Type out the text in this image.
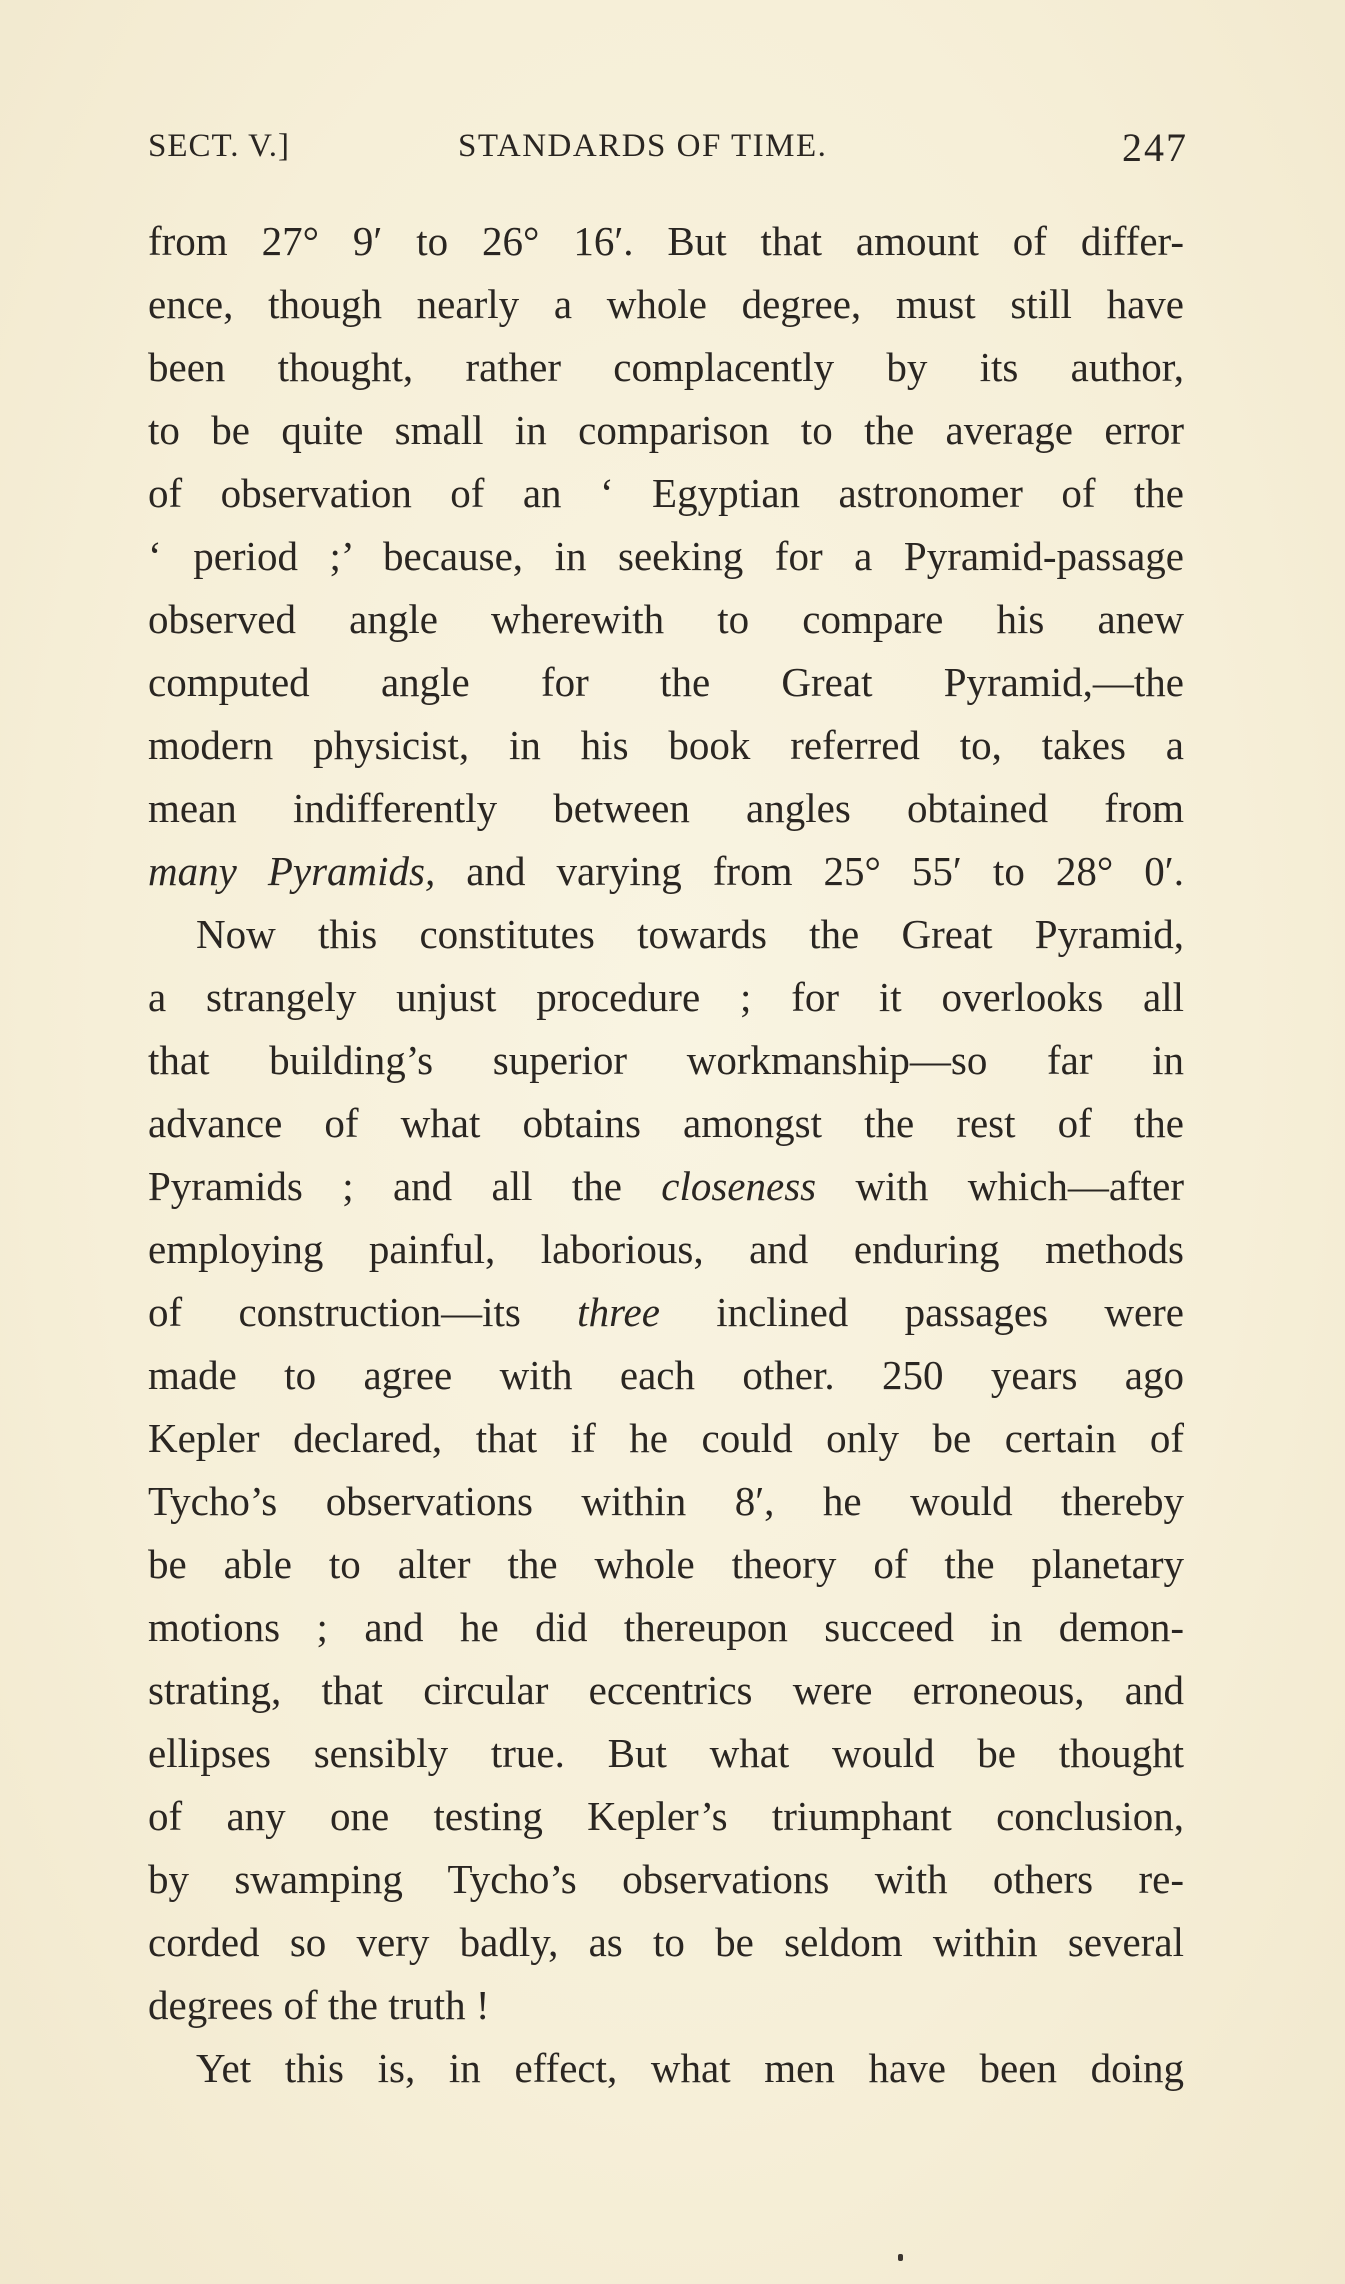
SECT. V.]	STANDARDS OF TIME.	247
from 27° 9′ to 26° 16′. But that amount of differ-
ence, though nearly a whole degree, must still have
been thought, rather complacently by its author,
to be quite small in comparison to the average error
of observation of an ‘ Egyptian astronomer of the
‘ period ;’ because, in seeking for a Pyramid-passage
observed angle wherewith to compare his anew
computed angle for the Great Pyramid,—the
modern physicist, in his book referred to, takes a
mean indifferently between angles obtained from
many Pyramids, and varying from 25° 55′ to 28° 0′.
Now this constitutes towards the Great Pyramid,
a strangely unjust procedure ; for it overlooks all
that building’s superior workmanship—so far in
advance of what obtains amongst the rest of the
Pyramids ; and all the closeness with which—after
employing painful, laborious, and enduring methods
of construction—its three inclined passages were
made to agree with each other. 250 years ago
Kepler declared, that if he could only be certain of
Tycho’s observations within 8′, he would thereby
be able to alter the whole theory of the planetary
motions ; and he did thereupon succeed in demon-
strating, that circular eccentrics were erroneous, and
ellipses sensibly true. But what would be thought
of any one testing Kepler’s triumphant conclusion,
by swamping Tycho’s observations with others re-
corded so very badly, as to be seldom within several
degrees of the truth !
Yet this is, in effect, what men have been doing
